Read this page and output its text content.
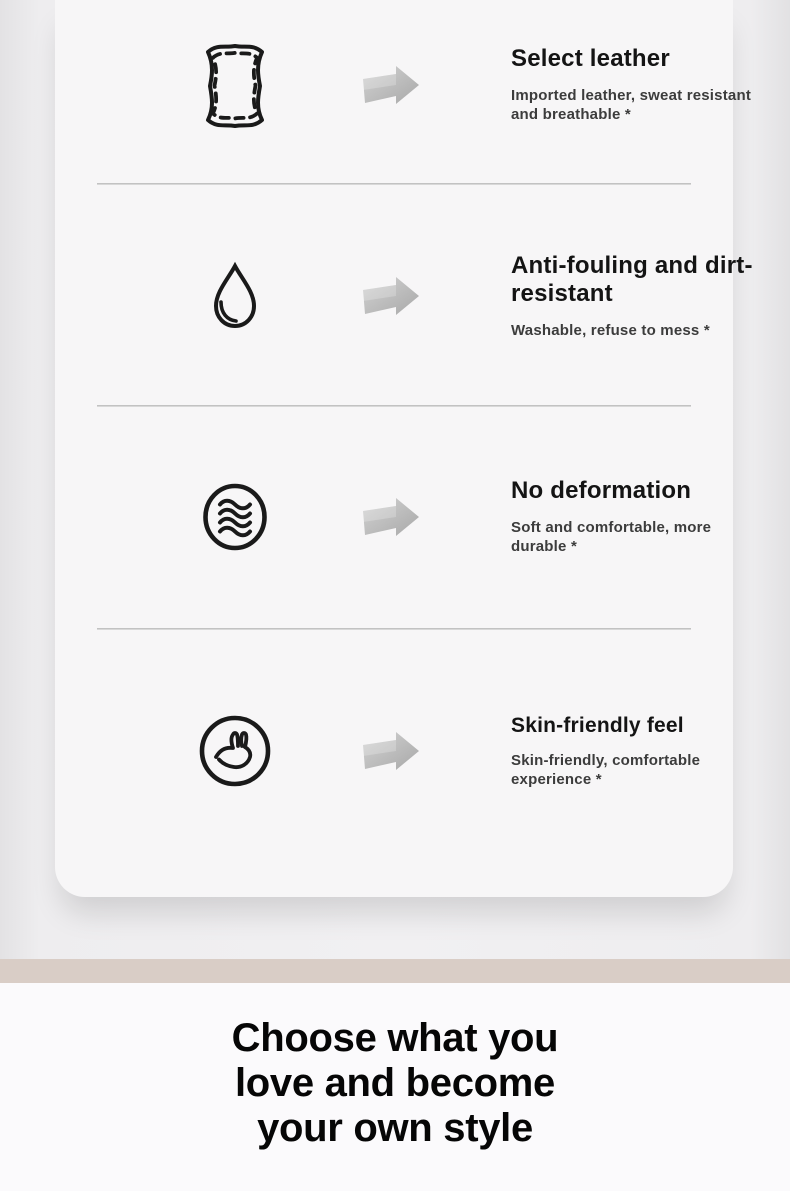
Select leather

Imported leather, sweat resistant and breathable *

Anti-fouling and dirt-resistant

Washable, refuse to mess *

No deformation

Soft and comfortable, more durable *

Skin-friendly feel

Skin-friendly, comfortable experience *

Choose what you
love and become
your own style
